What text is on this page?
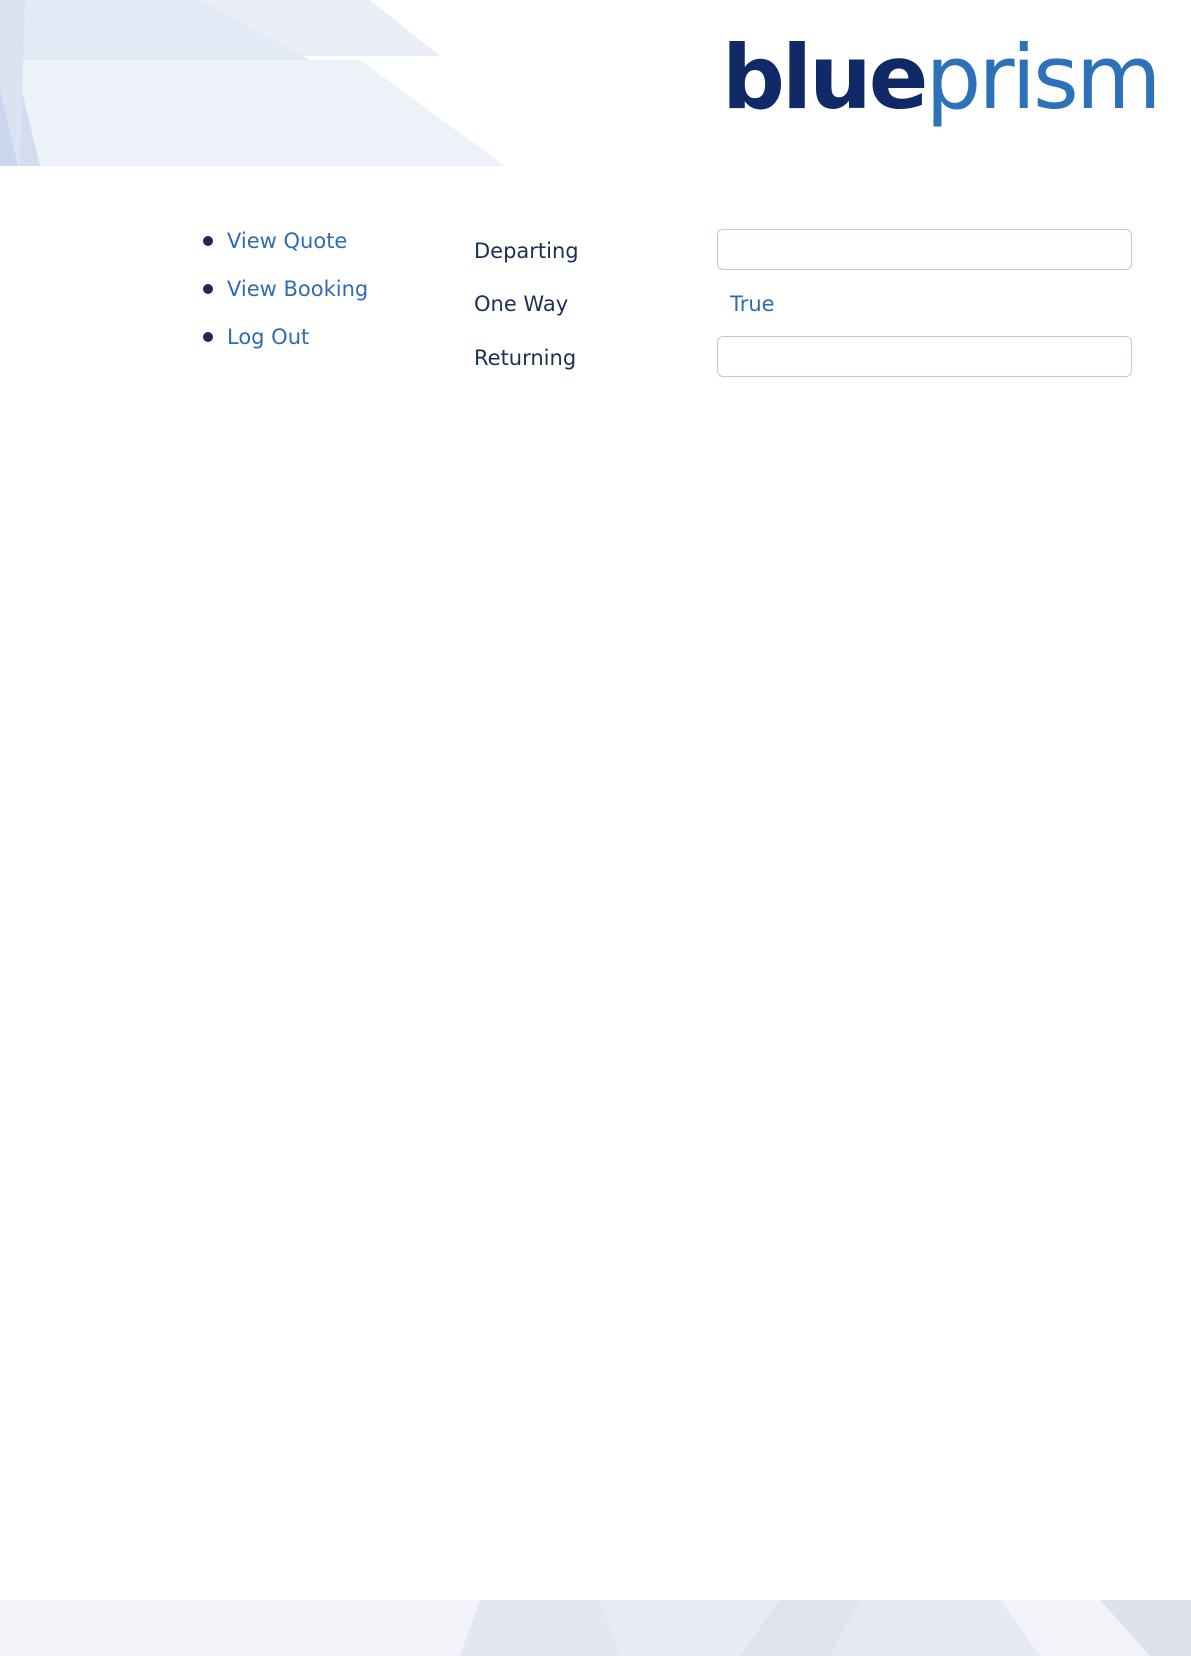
blueprism
View Quote
View Booking
Log Out
Departing
One Way	True
Returning
